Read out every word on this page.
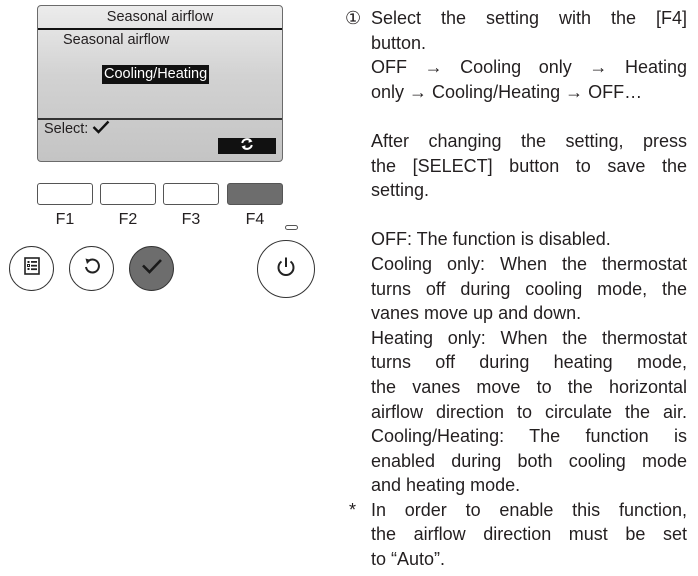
Seasonal airflow
Seasonal airflow
Cooling/Heating
Select:
F1	F2	F3	F4
① Select the setting with the [F4]
button.
OFF → Cooling only → Heating
only → Cooling/Heating → OFF…
After changing the setting, press
the [SELECT] button to save the
setting.
OFF: The function is disabled.
Cooling only: When the thermostat
turns off during cooling mode, the
vanes move up and down.
Heating only: When the thermostat
turns off during heating mode,
the vanes move to the horizontal
airflow direction to circulate the air.
Cooling/Heating: The function is
enabled during both cooling mode
and heating mode.
* In order to enable this function,
the airflow direction must be set
to “Auto”.
